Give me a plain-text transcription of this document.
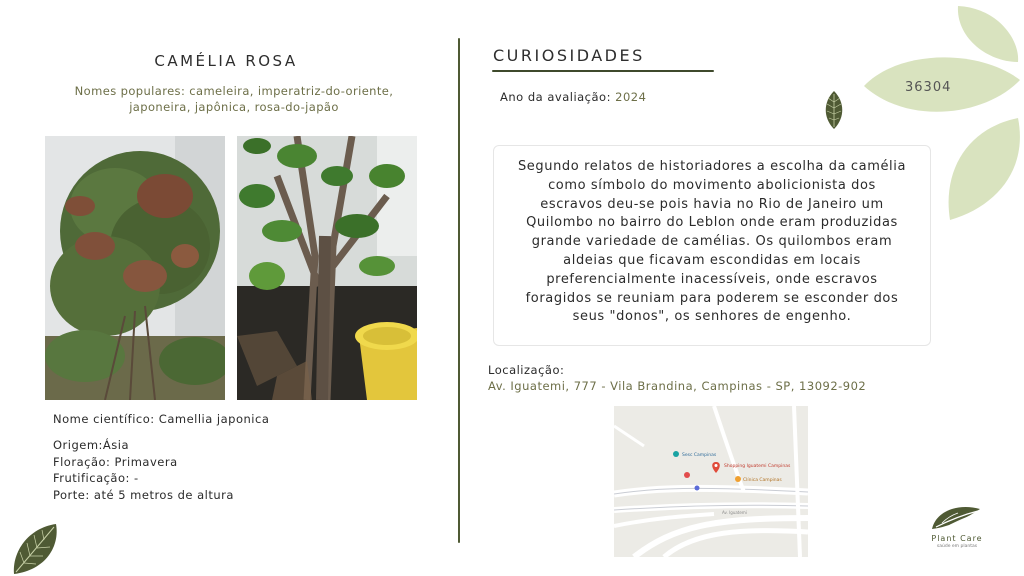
36304
CAMÉLIA ROSA
Nomes populares: cameleira, imperatriz-do-oriente,
japoneira, japônica, rosa-do-japão
Nome científico: Camellia japonica
Origem:Ásia
Floração: Primavera
Frutificação: -
Porte: até 5 metros de altura
CURIOSIDADES
Ano da avaliação: 2024
Segundo relatos de historiadores a escolha da camélia como símbolo do movimento abolicionista dos escravos deu-se pois havia no Rio de Janeiro um Quilombo no bairro do Leblon onde eram produzidas grande variedade de camélias. Os quilombos eram aldeias que ficavam escondidas em locais preferencialmente inacessíveis, onde escravos foragidos se reuniam para poderem se esconder dos seus "donos", os senhores de engenho.
Localização:
Av. Iguatemi, 777 - Vila Brandina, Campinas - SP, 13092-902
Sesc Campinas
Shopping Iguatemi Campinas
Clínica Campinas
Av. Iguatemi
Plant Care
saúde em plantas
